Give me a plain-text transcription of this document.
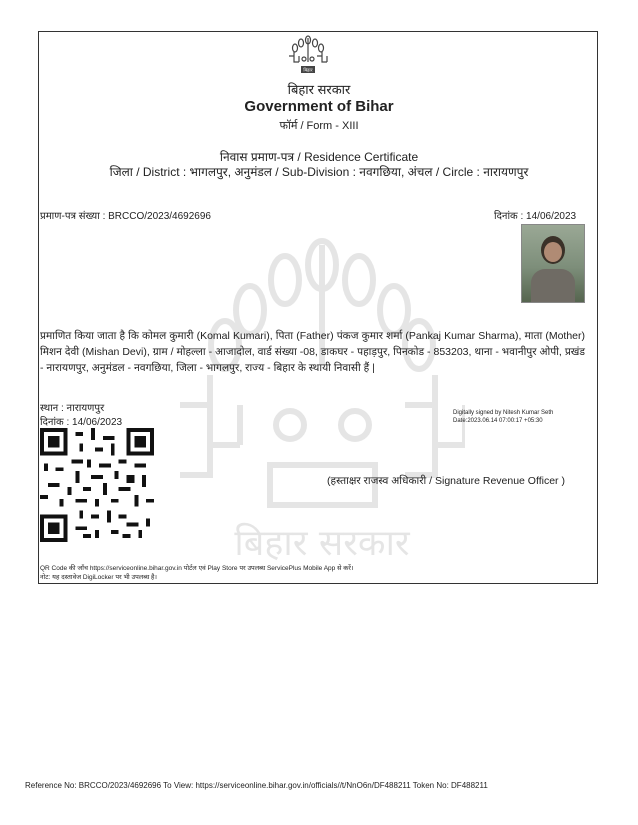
बिहार सरकार
बिहार
बिहार सरकार
Government of Bihar
फॉर्म / Form - XIII
निवास प्रमाण-पत्र / Residence Certificate
जिला / District : भागलपुर, अनुमंडल / Sub-Division : नवगछिया, अंचल / Circle : नारायणपुर
प्रमाण-पत्र संख्या : BRCCO/2023/4692696	दिनांक : 14/06/2023

प्रमाणित किया जाता है कि कोमल कुमारी (Komal Kumari), पिता (Father) पंकज कुमार शर्मा (Pankaj Kumar Sharma), माता (Mother) मिशन देवी (Mishan Devi), ग्राम / मोहल्ला - आजादोल, वार्ड संख्या -08, डाकघर - पहाड़पुर, पिनकोड - 853203, थाना - भवानीपुर ओपी, प्रखंड - नारायणपुर, अनुमंडल - नवगछिया, जिला - भागलपुर, राज्य - बिहार के स्थायी निवासी हैं |

स्थान : नारायणपुर
दिनांक : 14/06/2023
Digitally signed by Nitesh Kumar Seth
Date:2023.06.14 07:00:17 +05:30
(हस्ताक्षर राजस्व अधिकारी / Signature Revenue Officer )
QR Code की जाँच https://serviceonline.bihar.gov.in पोर्टल एवं Play Store पर उपलब्ध ServicePlus Mobile App से करें।
नोट: यह दस्तावेज DigiLocker पर भी उपलब्ध है।
Reference No: BRCCO/2023/4692696 To View: https://serviceonline.bihar.gov.in/officials//t/NnO6n/DF488211 Token No: DF488211
